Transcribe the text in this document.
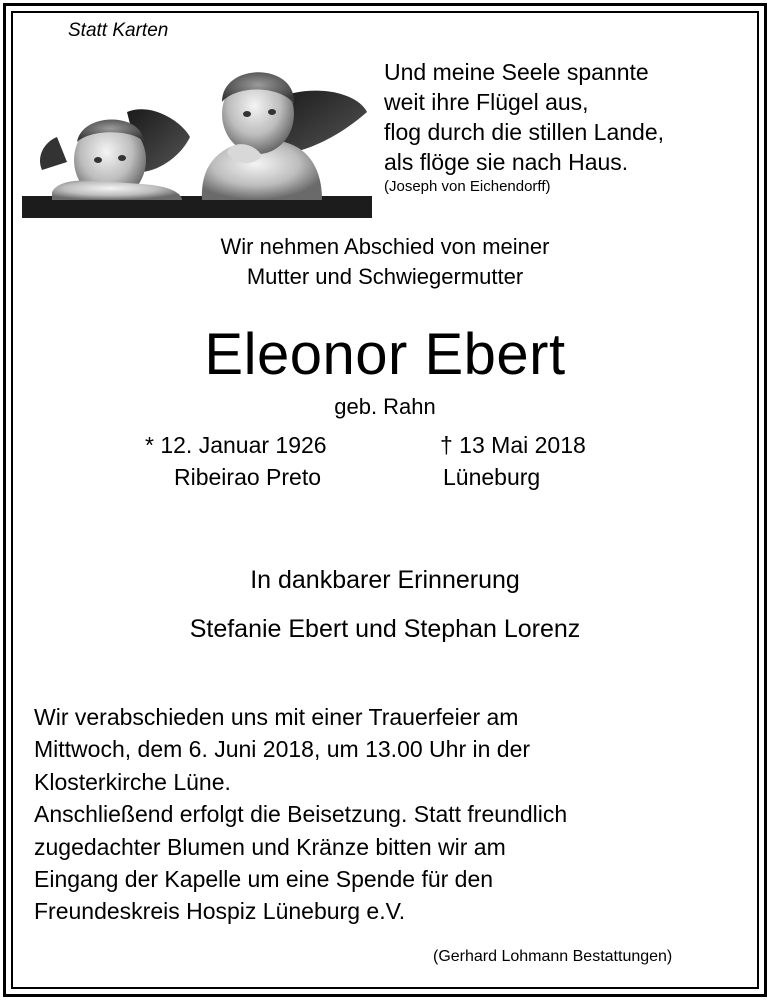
Statt Karten
Und meine Seele spannte
weit ihre Flügel aus,
flog durch die stillen Lande,
als flöge sie nach Haus.
(Joseph von Eichendorff)
Wir nehmen Abschied von meiner
Mutter und Schwiegermutter
Eleonor Ebert
geb. Rahn
* 12. Januar 1926
Ribeirao Preto
† 13 Mai 2018
Lüneburg
In dankbarer Erinnerung
Stefanie Ebert und Stephan Lorenz
Wir verabschieden uns mit einer Trauerfeier am
Mittwoch, dem 6. Juni 2018, um 13.00 Uhr in der
Klosterkirche Lüne.
Anschließend erfolgt die Beisetzung. Statt freundlich
zugedachter Blumen und Kränze bitten wir am
Eingang der Kapelle um eine Spende für den
Freundeskreis Hospiz Lüneburg e.V.
(Gerhard Lohmann Bestattungen)
